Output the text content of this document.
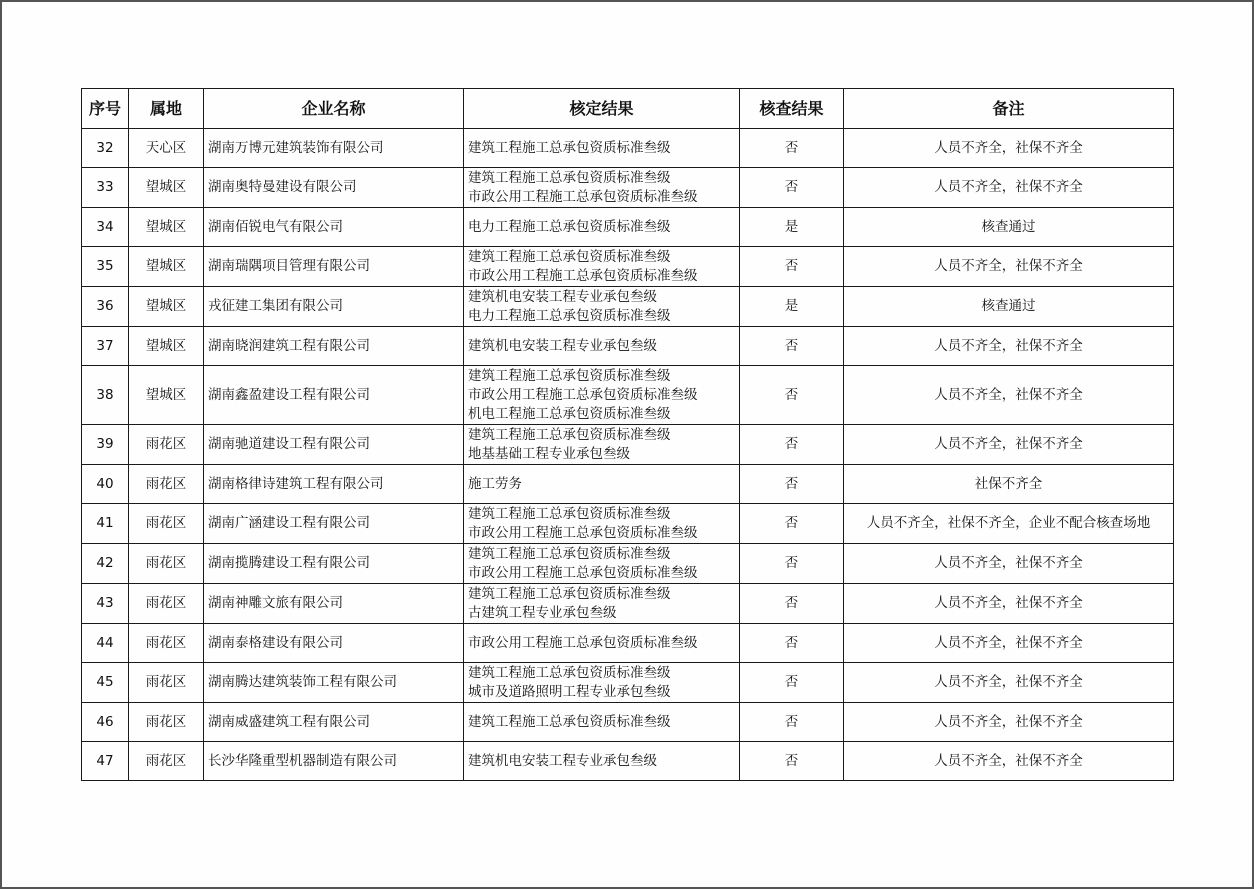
序号	属地	企业名称	核定结果	核查结果	备注
32	天心区	湖南万博元建筑装饰有限公司	建筑工程施工总承包资质标准叁级	否	人员不齐全，社保不齐全
33	望城区	湖南奥特曼建设有限公司	建筑工程施工总承包资质标准叁级
市政公用工程施工总承包资质标准叁级	否	人员不齐全，社保不齐全
34	望城区	湖南佰锐电气有限公司	电力工程施工总承包资质标准叁级	是	核查通过
35	望城区	湖南瑞隅项目管理有限公司	建筑工程施工总承包资质标准叁级
市政公用工程施工总承包资质标准叁级	否	人员不齐全，社保不齐全
36	望城区	戎征建工集团有限公司	建筑机电安装工程专业承包叁级
电力工程施工总承包资质标准叁级	是	核查通过
37	望城区	湖南晓润建筑工程有限公司	建筑机电安装工程专业承包叁级	否	人员不齐全，社保不齐全
38	望城区	湖南鑫盈建设工程有限公司	建筑工程施工总承包资质标准叁级
市政公用工程施工总承包资质标准叁级
机电工程施工总承包资质标准叁级	否	人员不齐全，社保不齐全
39	雨花区	湖南驰道建设工程有限公司	建筑工程施工总承包资质标准叁级
地基基础工程专业承包叁级	否	人员不齐全，社保不齐全
40	雨花区	湖南格律诗建筑工程有限公司	施工劳务	否	社保不齐全
41	雨花区	湖南广涵建设工程有限公司	建筑工程施工总承包资质标准叁级
市政公用工程施工总承包资质标准叁级	否	人员不齐全，社保不齐全，企业不配合核查场地
42	雨花区	湖南揽腾建设工程有限公司	建筑工程施工总承包资质标准叁级
市政公用工程施工总承包资质标准叁级	否	人员不齐全，社保不齐全
43	雨花区	湖南神雕文旅有限公司	建筑工程施工总承包资质标准叁级
古建筑工程专业承包叁级	否	人员不齐全，社保不齐全
44	雨花区	湖南泰格建设有限公司	市政公用工程施工总承包资质标准叁级	否	人员不齐全，社保不齐全
45	雨花区	湖南腾达建筑装饰工程有限公司	建筑工程施工总承包资质标准叁级
城市及道路照明工程专业承包叁级	否	人员不齐全，社保不齐全
46	雨花区	湖南威盛建筑工程有限公司	建筑工程施工总承包资质标准叁级	否	人员不齐全，社保不齐全
47	雨花区	长沙华隆重型机器制造有限公司	建筑机电安装工程专业承包叁级	否	人员不齐全，社保不齐全
